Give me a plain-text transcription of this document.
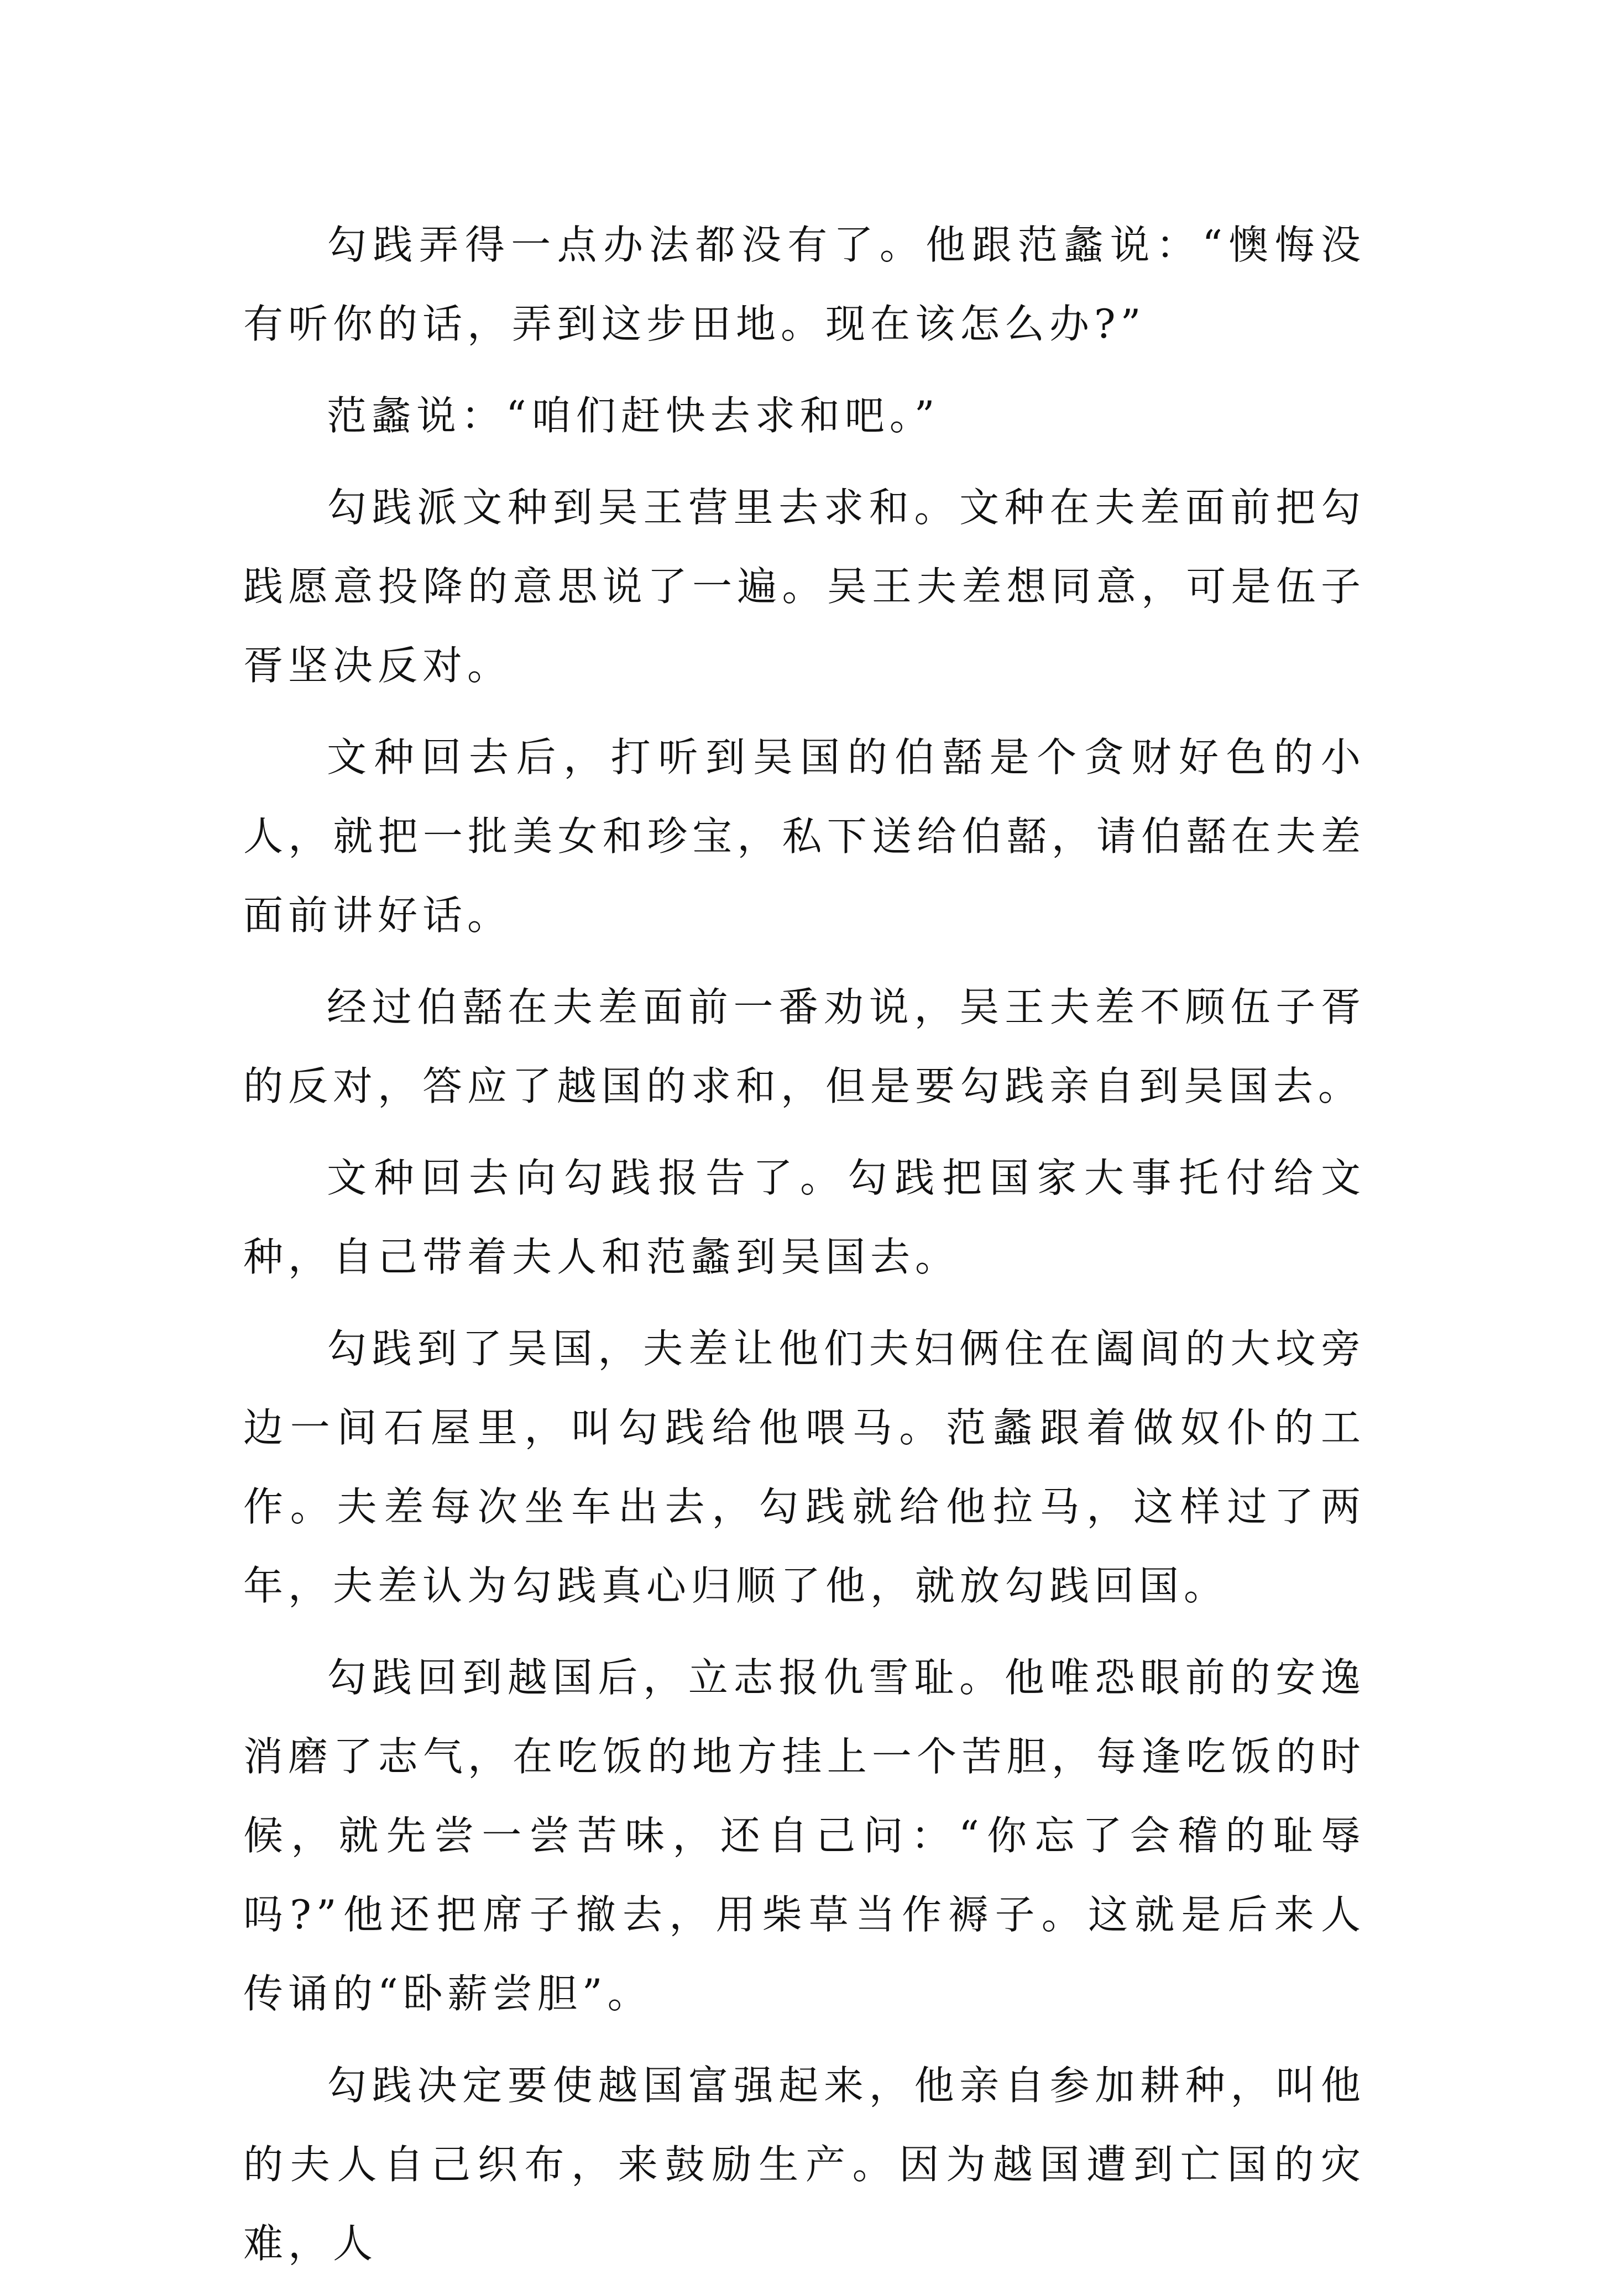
勾践弄得一点办法都没有了。他跟范蠡说：“懊悔没有听你的话，弄到这步田地。现在该怎么办?”

范蠡说：“咱们赶快去求和吧。”

勾践派文种到吴王营里去求和。文种在夫差面前把勾践愿意投降的意思说了一遍。吴王夫差想同意，可是伍子胥坚决反对。

文种回去后，打听到吴国的伯嚭是个贪财好色的小人，就把一批美女和珍宝，私下送给伯嚭，请伯嚭在夫差面前讲好话。

经过伯嚭在夫差面前一番劝说，吴王夫差不顾伍子胥的反对，答应了越国的求和，但是要勾践亲自到吴国去。

文种回去向勾践报告了。勾践把国家大事托付给文种，自己带着夫人和范蠡到吴国去。

勾践到了吴国，夫差让他们夫妇俩住在阖闾的大坟旁边一间石屋里，叫勾践给他喂马。范蠡跟着做奴仆的工作。夫差每次坐车出去，勾践就给他拉马，这样过了两年，夫差认为勾践真心归顺了他，就放勾践回国。

勾践回到越国后，立志报仇雪耻。他唯恐眼前的安逸消磨了志气，在吃饭的地方挂上一个苦胆，每逢吃饭的时候，就先尝一尝苦味，还自己问：“你忘了会稽的耻辱吗?”他还把席子撤去，用柴草当作褥子。这就是后来人传诵的“卧薪尝胆”。

勾践决定要使越国富强起来，他亲自参加耕种，叫他的夫人自己织布，来鼓励生产。因为越国遭到亡国的灾难，人
